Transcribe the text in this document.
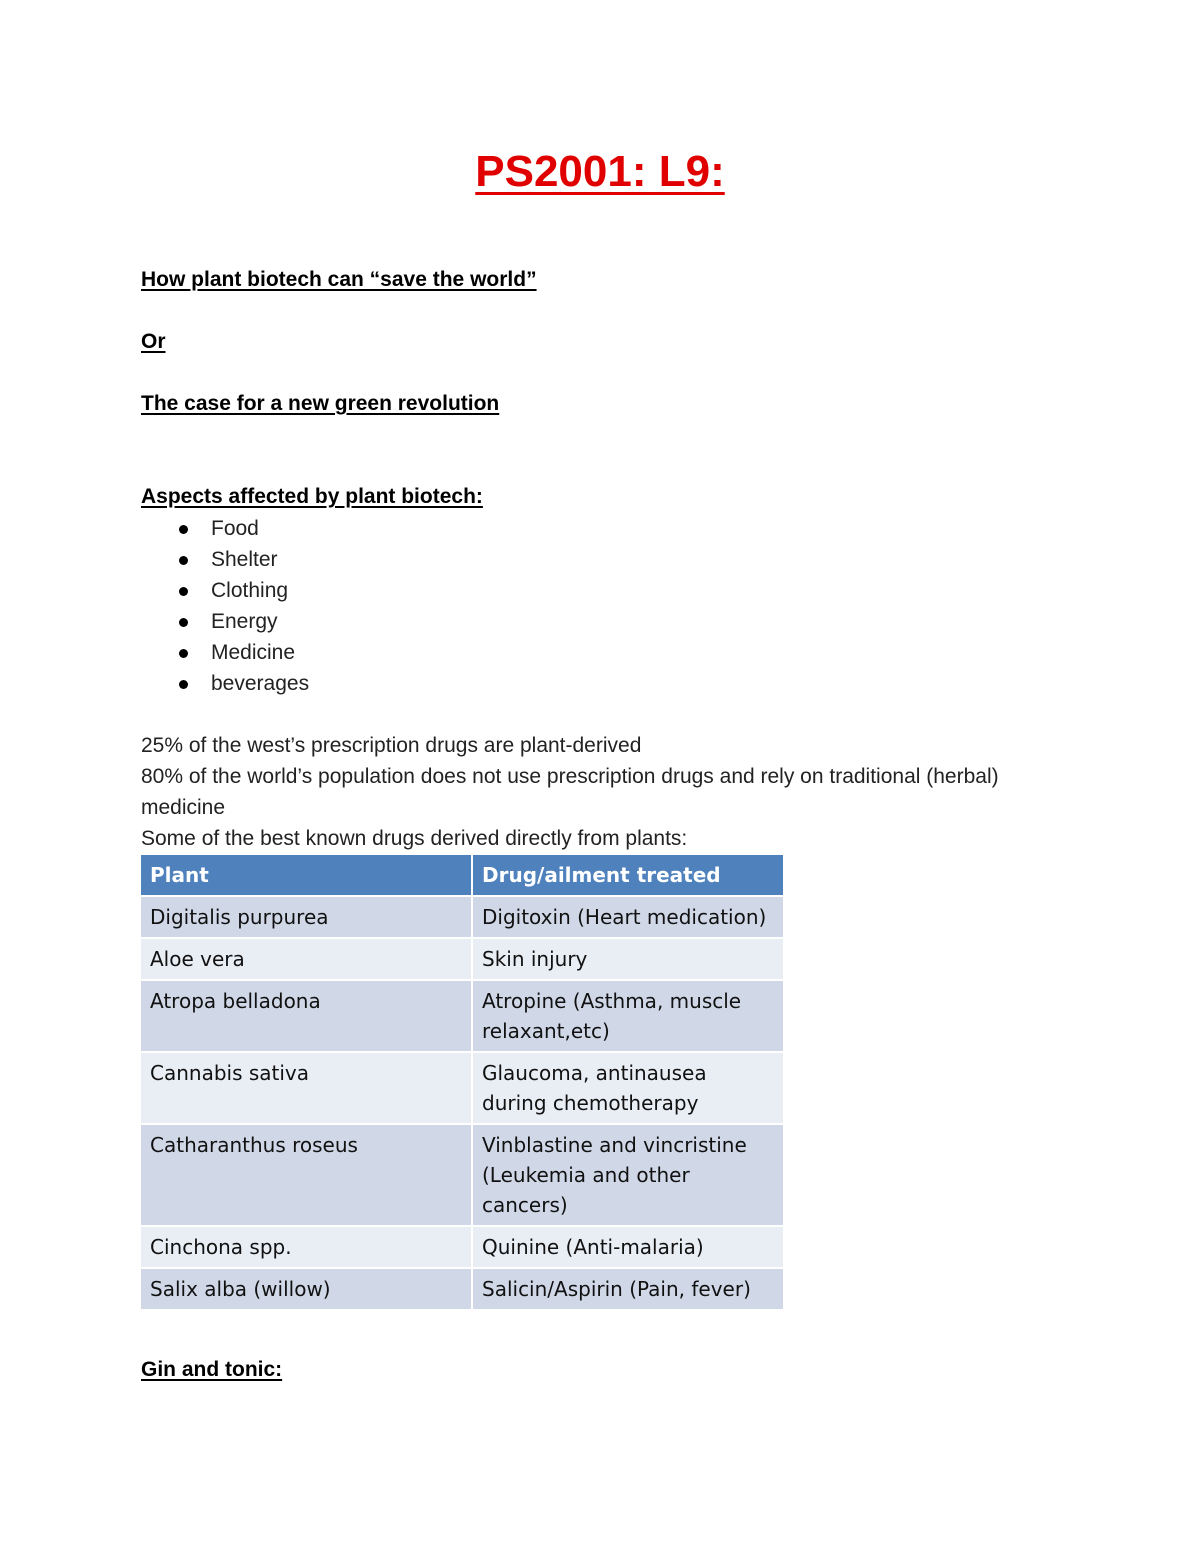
PS2001: L9:
How plant biotech can “save the world”
Or
The case for a new green revolution
Aspects affected by plant biotech:
Food
Shelter
Clothing
Energy
Medicine
beverages

25% of the west’s prescription drugs are plant-derived

80% of the world’s population does not use prescription drugs and rely on traditional (herbal) medicine

Some of the best known drugs derived directly from plants:

Plant	Drug/ailment treated
Digitalis purpurea	Digitoxin (Heart medication)
Aloe vera	Skin injury
Atropa belladona	Atropine (Asthma, muscle relaxant,etc)
Cannabis sativa	Glaucoma, antinausea during chemotherapy
Catharanthus roseus	Vinblastine and vincristine (Leukemia and other cancers)
Cinchona spp.	Quinine (Anti-malaria)
Salix alba (willow)	Salicin/Aspirin (Pain, fever)
Gin and tonic:
